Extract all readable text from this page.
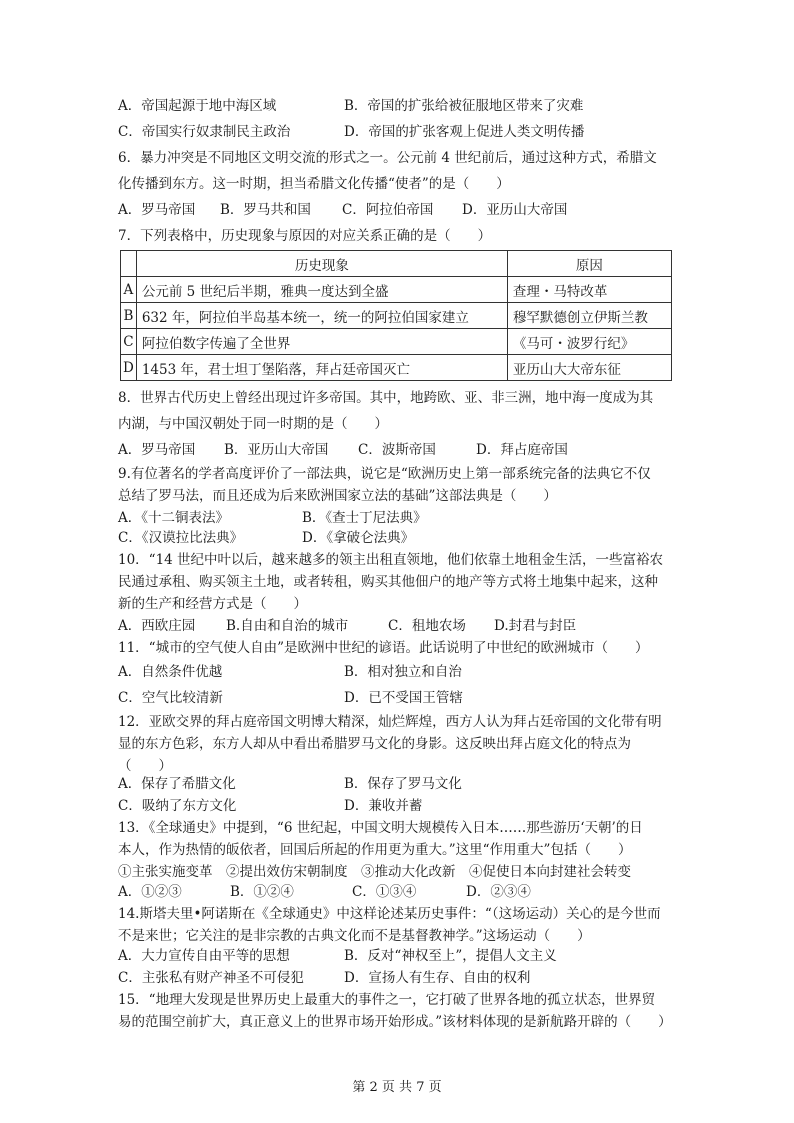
A．帝国起源于地中海区域	B．帝国的扩张给被征服地区带来了灾难
C．帝国实行奴隶制民主政治	D．帝国的扩张客观上促进人类文明传播
6．暴力冲突是不同地区文明交流的形式之一。公元前 4 世纪前后，通过这种方式，希腊文
化传播到东方。这一时期，担当希腊文化传播“使者”的是（　　）
A．罗马帝国 B．罗马共和国 C．阿拉伯帝国 D．亚历山大帝国
7．下列表格中，历史现象与原因的对应关系正确的是（　　）
	历史现象	原因
A	公元前 5 世纪后半期，雅典一度达到全盛	查理・马特改革
B	632 年，阿拉伯半岛基本统一，统一的阿拉伯国家建立	穆罕默德创立伊斯兰教
C	阿拉伯数字传遍了全世界	《马可・波罗行纪》
D	1453 年，君士坦丁堡陷落，拜占廷帝国灭亡	亚历山大大帝东征
8．世界古代历史上曾经出现过许多帝国。其中，地跨欧、亚、非三洲，地中海一度成为其
内湖，与中国汉朝处于同一时期的是（　　）
A．罗马帝国 B．亚历山大帝国 C．波斯帝国	D．拜占庭帝国
9.有位著名的学者高度评价了一部法典，说它是“欧洲历史上第一部系统完备的法典它不仅
总结了罗马法，而且还成为后来欧洲国家立法的基础”这部法典是（　　）
A．《十二铜表法》	B．《查士丁尼法典》
C．《汉谟拉比法典》	D．《拿破仑法典》
10．“14 世纪中叶以后，越来越多的领主出租直领地，他们依靠土地租金生活，一些富裕农
民通过承租、购买领主土地，或者转租，购买其他佃户的地产等方式将土地集中起来，这种
新的生产和经营方式是（　　）
A．西欧庄园 B.自由和自治的城市	C．租地农场 D.封君与封臣
11．“城市的空气使人自由”是欧洲中世纪的谚语。此话说明了中世纪的欧洲城市（　　）
A．自然条件优越	B．相对独立和自治
C．空气比较清新	D．已不受国王管辖
12．亚欧交界的拜占庭帝国文明博大精深，灿烂辉煌，西方人认为拜占廷帝国的文化带有明
显的东方色彩，东方人却从中看出希腊罗马文化的身影。这反映出拜占庭文化的特点为
（　　）
A．保存了希腊文化	B．保存了罗马文化
C．吸纳了东方文化	D．兼收并蓄
13．《全球通史》中提到，“6 世纪起，中国文明大规模传入日本……那些游历‘天朝’的日
本人，作为热情的皈依者，回国后所起的作用更为重大。”这里“作用重大”包括（　　）
①主张实施变革　②提出效仿宋朝制度　③推动大化改新　④促使日本向封建社会转变
A．①②③	B．①②④	C．①③④	D．②③④
14.斯塔夫里•阿诺斯在《全球通史》中这样论述某历史事件：“（这场运动）关心的是今世而
不是来世；它关注的是非宗教的古典文化而不是基督教神学。”这场运动（　　）
A．大力宣传自由平等的思想	B．反对“神权至上”，提倡人文主义
C．主张私有财产神圣不可侵犯	D．宣扬人有生存、自由的权利
15．“地理大发现是世界历史上最重大的事件之一，它打破了世界各地的孤立状态，世界贸
易的范围空前扩大，真正意义上的世界市场开始形成。”该材料体现的是新航路开辟的（　　）
第 2 页 共 7 页
